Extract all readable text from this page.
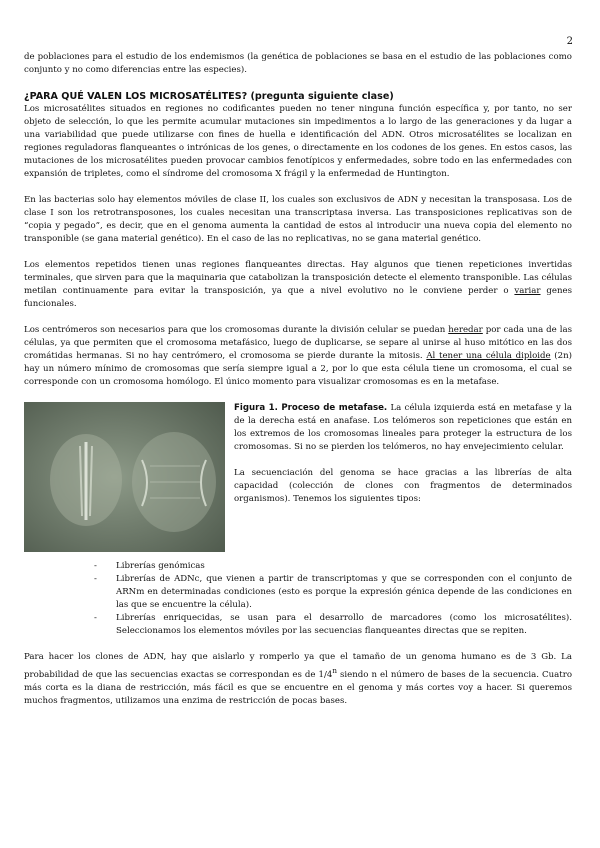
2

de poblaciones para el estudio de los endemismos (la genética de poblaciones se basa en el estudio de las poblaciones como conjunto y no como diferencias entre las especies).

¿PARA QUÉ VALEN LOS MICROSATÉLITES? (pregunta siguiente clase)

Los microsatélites situados en regiones no codificantes pueden no tener ninguna función específica y, por tanto, no ser objeto de selección, lo que les permite acumular mutaciones sin impedimentos a lo largo de las generaciones y da lugar a una variabilidad que puede utilizarse con fines de huella e identificación del ADN. Otros microsatélites se localizan en regiones reguladoras flanqueantes o intrónicas de los genes, o directamente en los codones de los genes. En estos casos, las mutaciones de los microsatélites pueden provocar cambios fenotípicos y enfermedades, sobre todo en las enfermedades con expansión de tripletes, como el síndrome del cromosoma X frágil y la enfermedad de Huntington.

En las bacterias solo hay elementos móviles de clase II, los cuales son exclusivos de ADN y necesitan la transposasa. Los de clase I son los retrotransposones, los cuales necesitan una transcriptasa inversa. Las transposiciones replicativas son de “copia y pegado”, es decir, que en el genoma aumenta la cantidad de estos al introducir una nueva copia del elemento no transponible (se gana material genético). En el caso de las no replicativas, no se gana material genético.

Los elementos repetidos tienen unas regiones flanqueantes directas. Hay algunos que tienen repeticiones invertidas terminales, que sirven para que la maquinaria que catabolizan la transposición detecte el elemento transponible. Las células metilan continuamente para evitar la transposición, ya que a nivel evolutivo no le conviene perder o variar genes funcionales.

Los centrómeros son necesarios para que los cromosomas durante la división celular se puedan heredar por cada una de las células, ya que permiten que el cromosoma metafásico, luego de duplicarse, se separe al unirse al huso mitótico en las dos cromátidas hermanas. Si no hay centrómero, el cromosoma se pierde durante la mitosis. Al tener una célula diploide (2n) hay un número mínimo de cromosomas que sería siempre igual a 2, por lo que esta célula tiene un cromosoma, el cual se corresponde con un cromosoma homólogo. El único momento para visualizar cromosomas es en la metafase.

Figura 1. Proceso de metafase. La célula izquierda está en metafase y la de la derecha está en anafase. Los telómeros son repeticiones que están en los extremos de los cromosomas lineales para proteger la estructura de los cromosomas. Si no se pierden los telómeros, no hay envejecimiento celular.

La secuenciación del genoma se hace gracias a las librerías de alta capacidad (colección de clones con fragmentos de determinados organismos). Tenemos los siguientes tipos:

- Librerías genómicas
- Librerías de ADNc, que vienen a partir de transcriptomas y que se corresponden con el conjunto de ARNm en determinadas condiciones (esto es porque la expresión génica depende de las condiciones en las que se encuentre la célula).
- Librerías enriquecidas, se usan para el desarrollo de marcadores (como los microsatélites). Seleccionamos los elementos móviles por las secuencias flanqueantes directas que se repiten.

Para hacer los clones de ADN, hay que aislarlo y romperlo ya que el tamaño de un genoma humano es de 3 Gb. La probabilidad de que las secuencias exactas se correspondan es de 1/4$^n$ siendo n el número de bases de la secuencia. Cuatro más corta es la diana de restricción, más fácil es que se encuentre en el genoma y más cortes voy a hacer. Si queremos muchos fragmentos, utilizamos una enzima de restricción de pocas bases.
